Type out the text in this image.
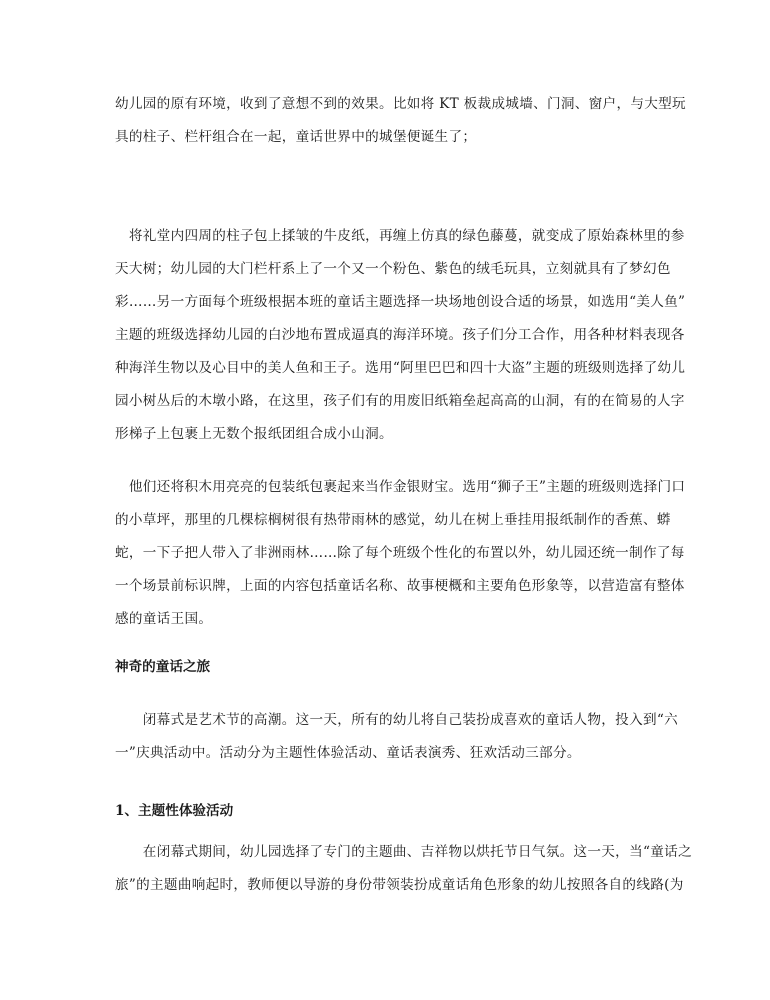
幼儿园的原有环境，收到了意想不到的效果。比如将 KT 板裁成城墙、门洞、窗户，与大型玩
具的柱子、栏杆组合在一起，童话世界中的城堡便诞生了；

　将礼堂内四周的柱子包上揉皱的牛皮纸，再缠上仿真的绿色藤蔓，就变成了原始森林里的参
天大树；幼儿园的大门栏杆系上了一个又一个粉色、紫色的绒毛玩具，立刻就具有了梦幻色
彩……另一方面每个班级根据本班的童话主题选择一块场地创设合适的场景，如选用“美人鱼”
主题的班级选择幼儿园的白沙地布置成逼真的海洋环境。孩子们分工合作，用各种材料表现各
种海洋生物以及心目中的美人鱼和王子。选用“阿里巴巴和四十大盗”主题的班级则选择了幼儿
园小树丛后的木墩小路，在这里，孩子们有的用废旧纸箱垒起高高的山洞，有的在简易的人字
形梯子上包裹上无数个报纸团组合成小山洞。

　他们还将积木用亮亮的包装纸包裹起来当作金银财宝。选用“狮子王”主题的班级则选择门口
的小草坪，那里的几棵棕榈树很有热带雨林的感觉，幼儿在树上垂挂用报纸制作的香蕉、蟒
蛇，一下子把人带入了非洲雨林……除了每个班级个性化的布置以外，幼儿园还统一制作了每
一个场景前标识牌，上面的内容包括童话名称、故事梗概和主要角色形象等，以营造富有整体
感的童话王国。

神奇的童话之旅

　　闭幕式是艺术节的高潮。这一天，所有的幼儿将自己装扮成喜欢的童话人物，投入到“六
一”庆典活动中。活动分为主题性体验活动、童话表演秀、狂欢活动三部分。

1、主题性体验活动

　　在闭幕式期间，幼儿园选择了专门的主题曲、吉祥物以烘托节日气氛。这一天，当“童话之
旅”的主题曲响起时，教师便以导游的身份带领装扮成童话角色形象的幼儿按照各自的线路(为
